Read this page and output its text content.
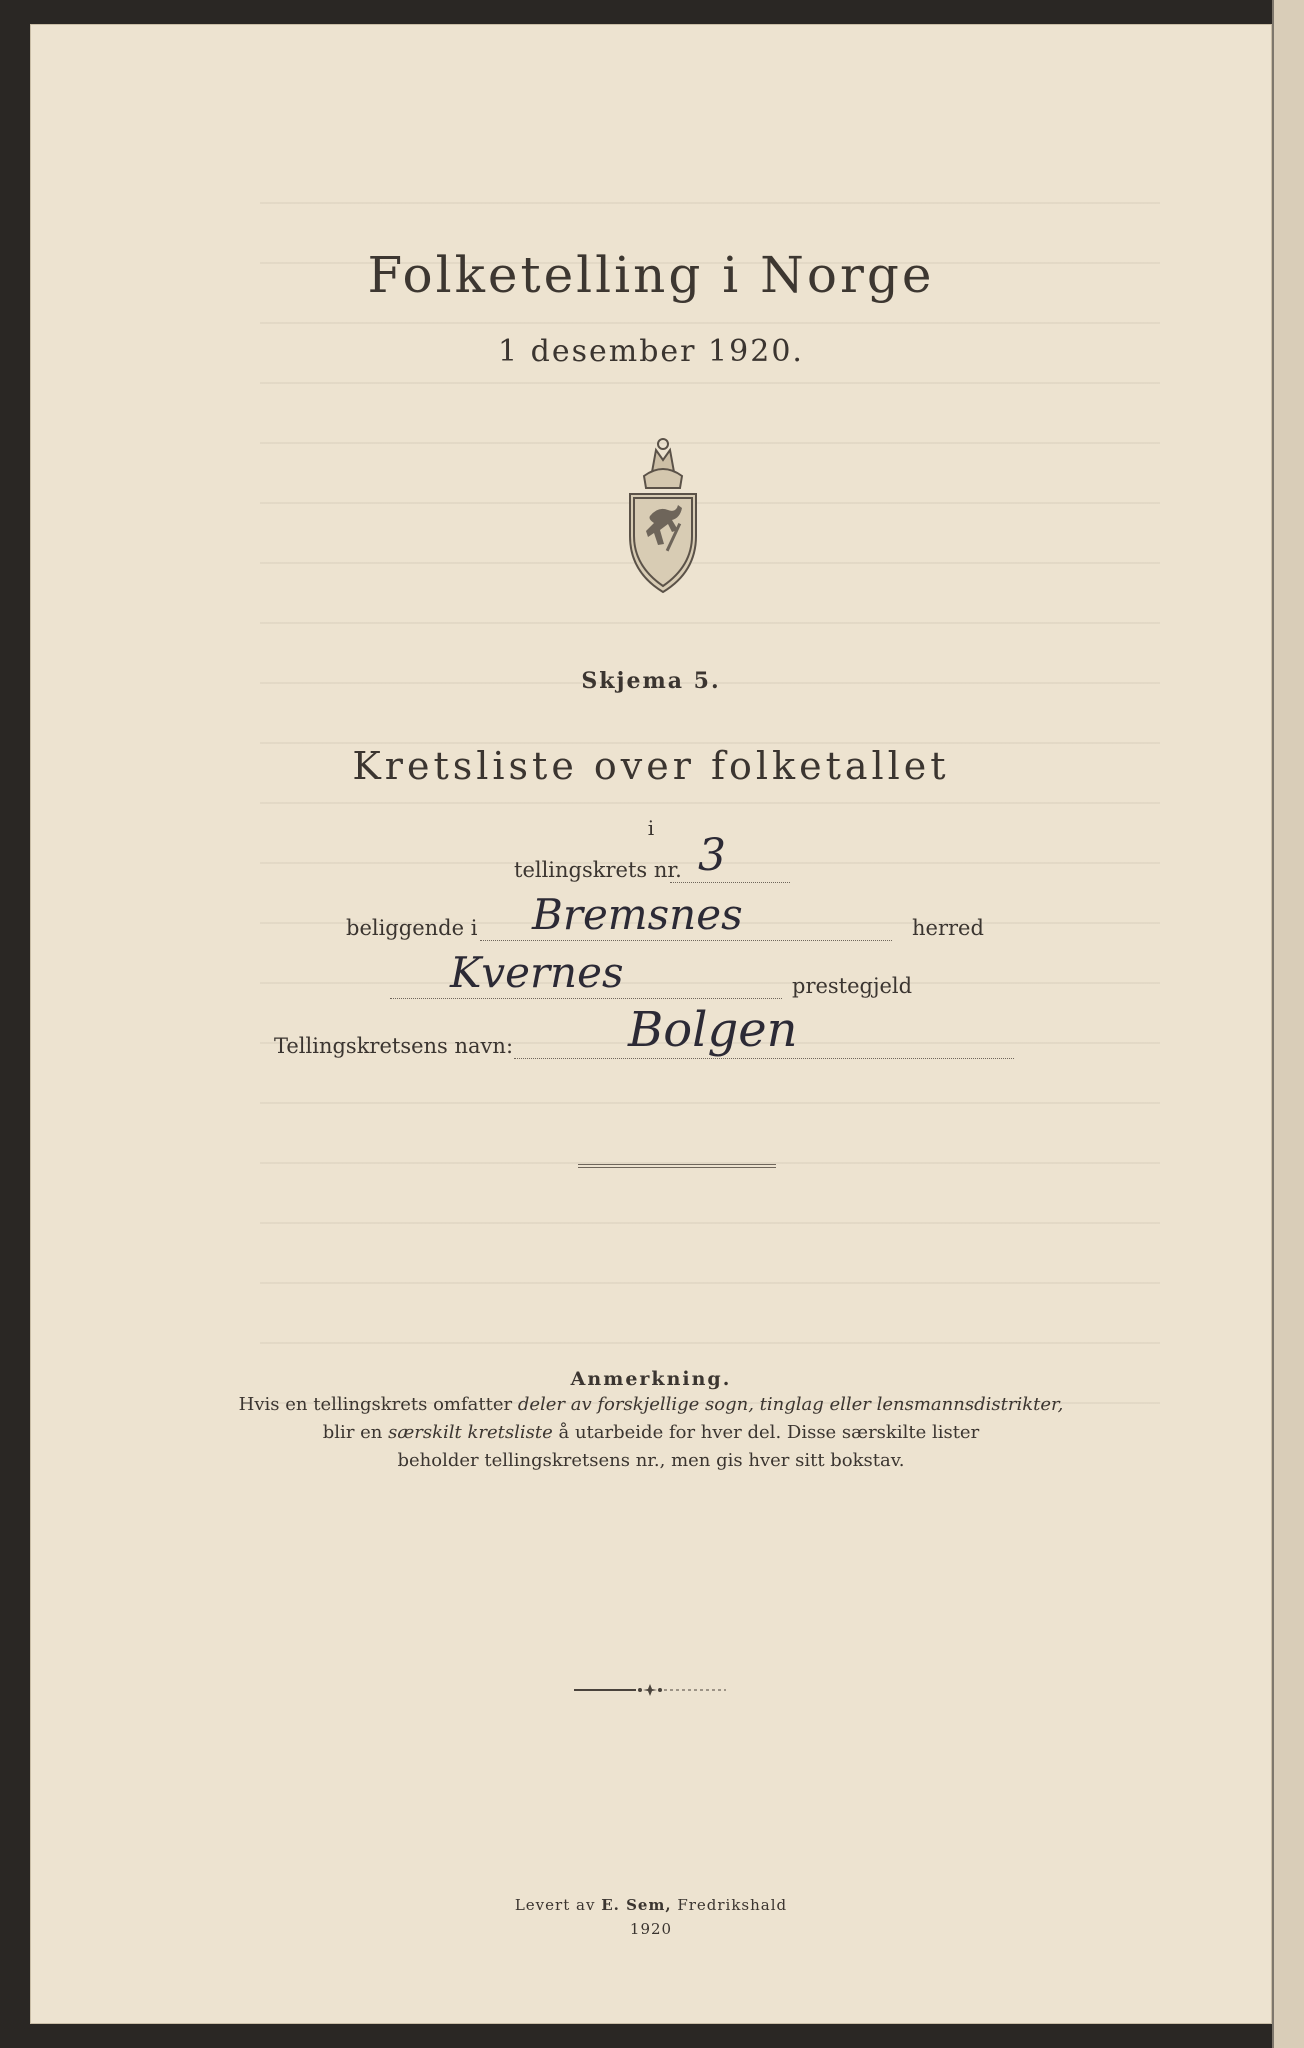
Folketelling i Norge
1 desember 1920.
Skjema 5.
Kretsliste over folketallet
i
tellingskrets nr. 3
beliggende i Bremsnes	herred
Kvernes	prestegjeld
Tellingskretsens navn: Bolgen
Anmerkning.
Hvis en tellingskrets omfatter deler av forskjellige sogn, tinglag eller lensmannsdistrikter,
blir en særskilt kretsliste å utarbeide for hver del. Disse særskilte lister
beholder tellingskretsens nr., men gis hver sitt bokstav.
Levert av E. Sem, Fredrikshald
1920
